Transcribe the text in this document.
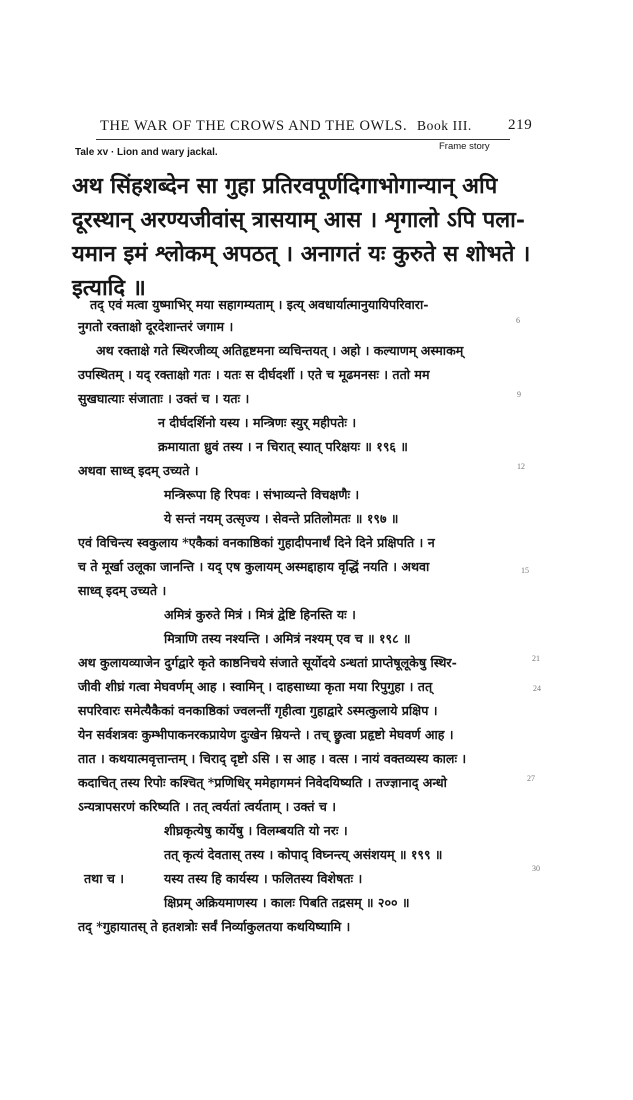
THE WAR OF THE CROWS AND THE OWLS. Book III. 219
Tale xv · Lion and wary jackal.
Frame story
अथ सिंहशब्देन सा गुहा प्रतिरवपूर्णदिगाभोगान्यान् अपि
दूरस्थान् अरण्यजीवांस् त्रासयाम् आस । शृगालो ऽपि पला-
यमान इमं श्लोकम् अपठत् । अनागतं यः कुरुते स शोभते ।
इत्यादि ॥
तद् एवं मत्वा युष्माभिर् मया सहागम्यताम् । इत्य् अवधार्यात्मानुयायिपरिवारा-
नुगतो रक्ताक्षो दूरदेशान्तरं जगाम ।
अथ रक्ताक्षे गते स्थिरजीव्य् अतिहृष्टमना व्यचिन्तयत् । अहो । कल्याणम् अस्माकम्
उपस्थितम् । यद् रक्ताक्षो गतः । यतः स दीर्घदर्शी । एते च मूढमनसः । ततो मम
सुखघात्याः संजाताः । उक्तं च । यतः ।
न दीर्घदर्शिनो यस्य । मन्त्रिणः स्युर् महीपतेः ।
क्रमायाता ध्रुवं तस्य । न चिरात् स्यात् परिक्षयः ॥ १९६ ॥
अथवा साध्व् इदम् उच्यते ।
मन्त्रिरूपा हि रिपवः । संभाव्यन्ते विचक्षणैः ।
ये सन्तं नयम् उत्सृज्य । सेवन्ते प्रतिलोमतः ॥ १९७ ॥
एवं विचिन्त्य स्वकुलाय *एकैकां वनकाष्ठिकां गुहादीपनार्थं दिने दिने प्रक्षिपति । न
च ते मूर्खा उलूका जानन्ति । यद् एष कुलायम् अस्मद्दाहाय वृद्धिं नयति । अथवा
साध्व् इदम् उच्यते ।
अमित्रं कुरुते मित्रं । मित्रं द्वेष्टि हिनस्ति यः ।
मित्राणि तस्य नश्यन्ति । अमित्रं नश्यम् एव च ॥ १९८ ॥
अथ कुलायव्याजेन दुर्गद्वारे कृते काष्ठनिचये संजाते सूर्योदये ऽन्धतां प्राप्तेषूलूकेषु स्थिर-
जीवी शीघ्रं गत्वा मेघवर्णम् आह । स्वामिन् । दाहसाध्या कृता मया रिपुगुहा । तत्
सपरिवारः समेत्यैकैकां वनकाष्ठिकां ज्वलन्तीं गृहीत्वा गुहाद्वारे ऽस्मत्कुलाये प्रक्षिप ।
येन सर्वशत्रवः कुम्भीपाकनरकप्रायेण दुःखेन म्रियन्ते । तच् छ्रुत्वा प्रहृष्टो मेघवर्ण आह ।
तात । कथयात्मवृत्तान्तम् । चिराद् दृष्टो ऽसि । स आह । वत्स । नायं वक्तव्यस्य कालः ।
कदाचित् तस्य रिपोः कश्चित् *प्रणिधिर् ममेहागमनं निवेदयिष्यति । तज्ज्ञानाद् अन्धो
ऽन्यत्रापसरणं करिष्यति । तत् त्वर्यतां त्वर्यताम् । उक्तं च ।
शीघ्रकृत्येषु कार्येषु । विलम्बयति यो नरः ।
तत् कृत्यं देवतास् तस्य । कोपाद् विघ्नन्त्य् असंशयम् ॥ १९९ ॥
तथा च ।	यस्य तस्य हि कार्यस्य । फलितस्य विशेषतः ।
क्षिप्रम् अक्रियमाणस्य । कालः पिबति तद्रसम् ॥ २०० ॥
तद् *गुहायातस् ते हतशत्रोः सर्वं निर्व्याकुलतया कथयिष्यामि ।
6
9
12
15
21
24
27
30
